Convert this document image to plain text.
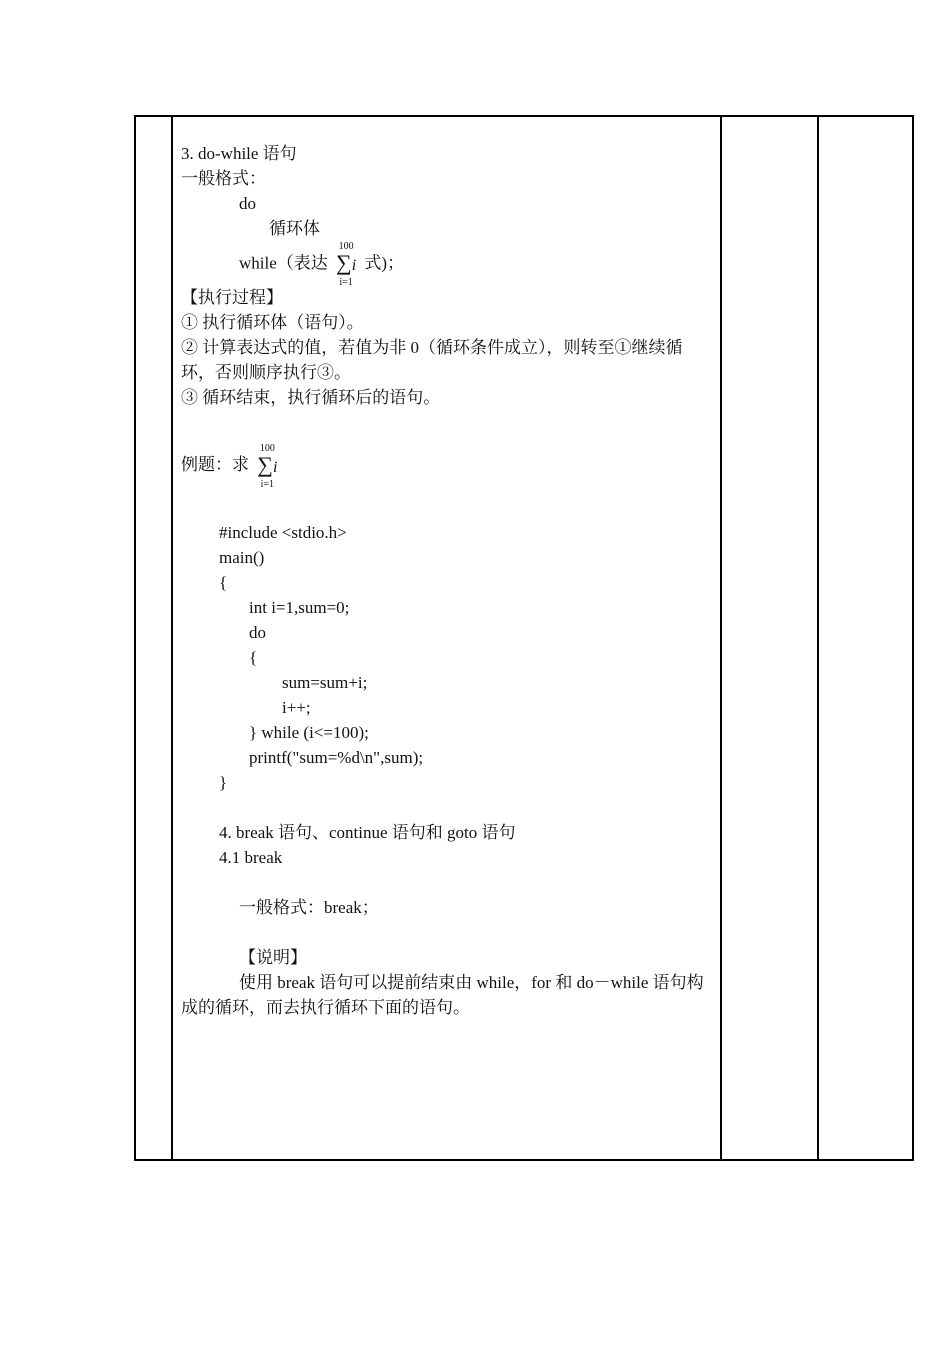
3. do-while 语句
一般格式：
do
循环体
while（表达
100
∑i
i=1
式)；
【执行过程】
① 执行循环体（语句）。
② 计算表达式的值，若值为非 0（循环条件成立），则转至①继续循环，否则顺序执行③。
③ 循环结束，执行循环后的语句。
例题：求
100
∑i
i=1
#include <stdio.h>
main()
{
int i=1,sum=0;
do
{
sum=sum+i;
i++;
} while (i<=100);
printf("sum=%d\n",sum);
}
4. break 语句、continue 语句和 goto 语句
4.1 break
一般格式：break；
【说明】
使用 break 语句可以提前结束由 while，for 和 do－while 语句构成的循环，而去执行循环下面的语句。
